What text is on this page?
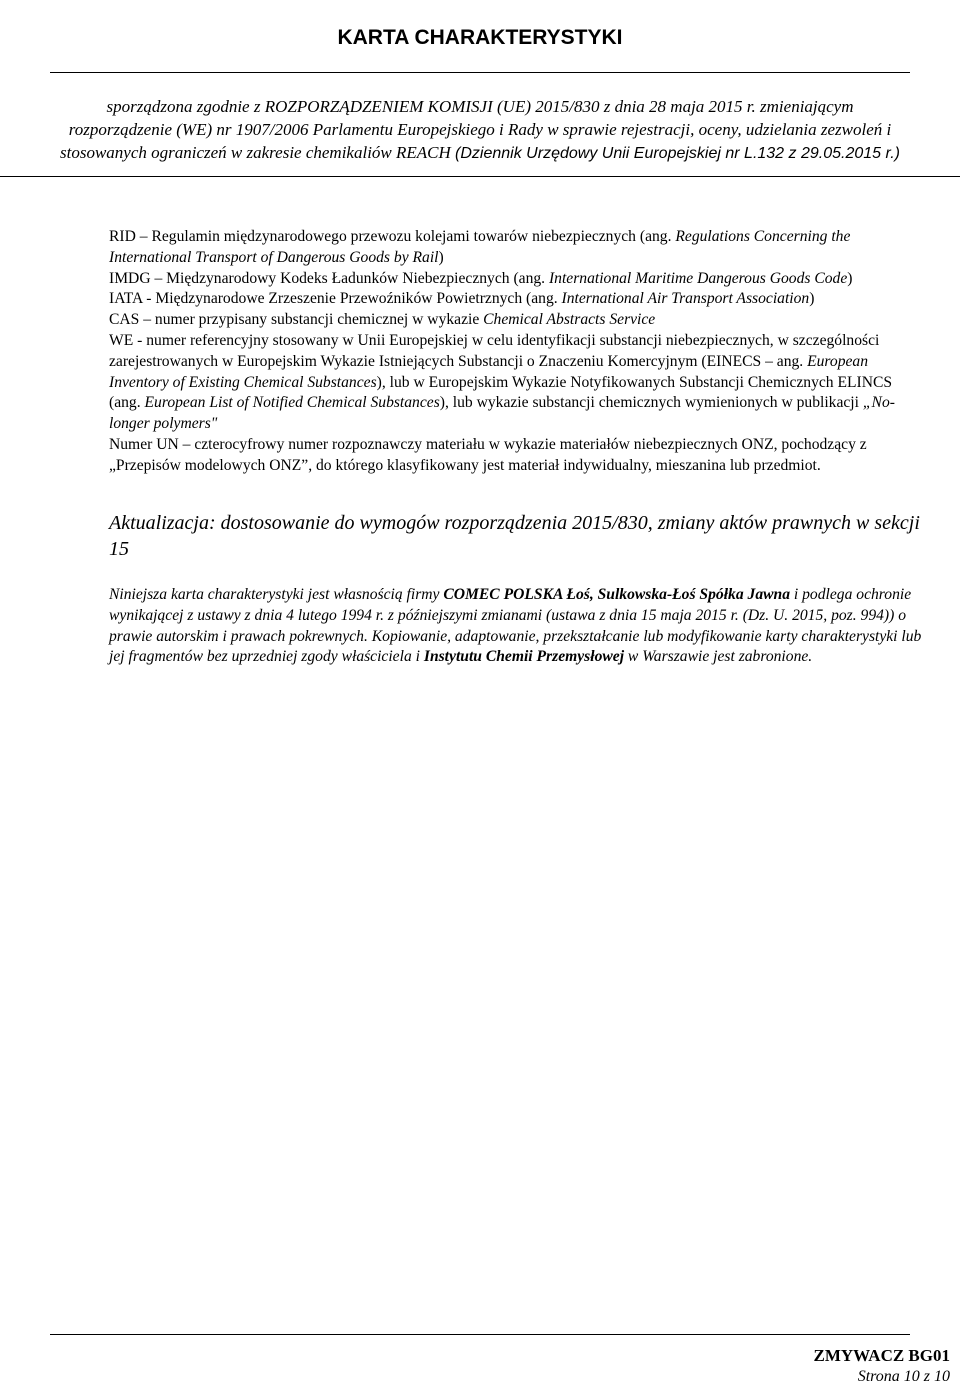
KARTA CHARAKTERYSTYKI
sporządzona zgodnie z ROZPORZĄDZENIEM KOMISJI (UE) 2015/830 z dnia 28 maja 2015 r. zmieniającym
rozporządzenie (WE) nr 1907/2006 Parlamentu Europejskiego i Rady w sprawie rejestracji, oceny, udzielania zezwoleń i
stosowanych ograniczeń w zakresie chemikaliów REACH (Dziennik Urzędowy Unii Europejskiej nr L.132 z 29.05.2015 r.)

RID – Regulamin międzynarodowego przewozu kolejami towarów niebezpiecznych (ang. Regulations Concerning the International Transport of Dangerous Goods by Rail)

IMDG – Międzynarodowy Kodeks Ładunków Niebezpiecznych (ang. International Maritime Dangerous Goods Code)

IATA - Międzynarodowe Zrzeszenie Przewoźników Powietrznych (ang. International Air Transport Association)

CAS – numer przypisany substancji chemicznej w wykazie Chemical Abstracts Service

WE - numer referencyjny stosowany w Unii Europejskiej w celu identyfikacji substancji niebezpiecznych, w szczególności zarejestrowanych w Europejskim Wykazie Istniejących Substancji o Znaczeniu Komercyjnym (EINECS – ang. European Inventory of Existing Chemical Substances), lub w Europejskim Wykazie Notyfikowanych Substancji Chemicznych ELINCS (ang. European List of Notified Chemical Substances), lub wykazie substancji chemicznych wymienionych w publikacji „No-longer polymers"

Numer UN – czterocyfrowy numer rozpoznawczy materiału w wykazie materiałów niebezpiecznych ONZ, pochodzący z „Przepisów modelowych ONZ”, do którego klasyfikowany jest materiał indywidualny, mieszanina lub przedmiot.

Aktualizacja: dostosowanie do wymogów rozporządzenia 2015/830, zmiany aktów prawnych w sekcji 15
Niniejsza karta charakterystyki jest własnością firmy COMEC POLSKA Łoś, Sulkowska-Łoś Spółka Jawna i podlega ochronie wynikającej z ustawy z dnia 4 lutego 1994 r. z późniejszymi zmianami (ustawa z dnia 15 maja 2015 r. (Dz. U. 2015, poz. 994)) o prawie autorskim i prawach pokrewnych. Kopiowanie, adaptowanie, przekształcanie lub modyfikowanie karty charakterystyki lub jej fragmentów bez uprzedniej zgody właściciela i Instytutu Chemii Przemysłowej w Warszawie jest zabronione.
ZMYWACZ BG01
Strona 10 z 10
